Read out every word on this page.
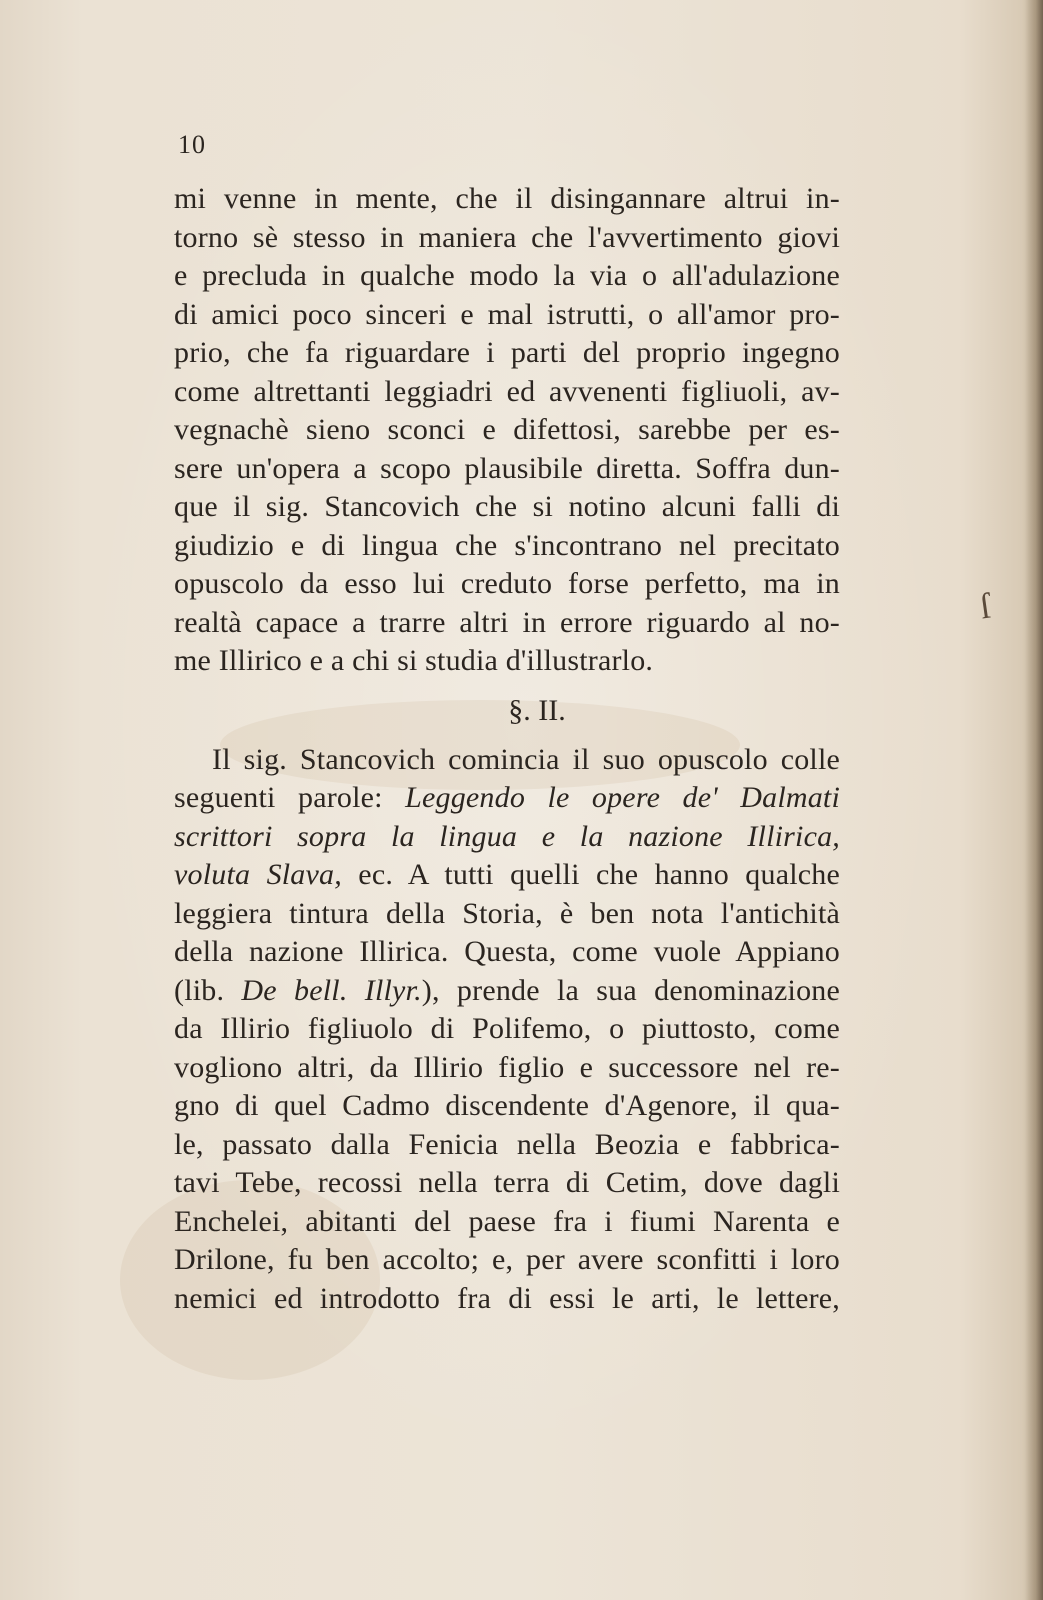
10
mi venne in mente, che il disingannare altrui in-
torno sè stesso in maniera che l'avvertimento giovi
e precluda in qualche modo la via o all'adulazione
di amici poco sinceri e mal istrutti, o all'amor pro-
prio, che fa riguardare i parti del proprio ingegno
come altrettanti leggiadri ed avvenenti figliuoli, av-
vegnachè sieno sconci e difettosi, sarebbe per es-
sere un'opera a scopo plausibile diretta. Soffra dun-
que il sig. Stancovich che si notino alcuni falli di
giudizio e di lingua che s'incontrano nel precitato
opuscolo da esso lui creduto forse perfetto, ma in
realtà capace a trarre altri in errore riguardo al no-
me Illirico e a chi si studia d'illustrarlo.
§. II.
Il sig. Stancovich comincia il suo opuscolo colle
seguenti parole: Leggendo le opere de' Dalmati
scrittori sopra la lingua e la nazione Illirica,
voluta Slava, ec. A tutti quelli che hanno qualche
leggiera tintura della Storia, è ben nota l'antichità
della nazione Illirica. Questa, come vuole Appiano
(lib. De bell. Illyr.), prende la sua denominazione
da Illirio figliuolo di Polifemo, o piuttosto, come
vogliono altri, da Illirio figlio e successore nel re-
gno di quel Cadmo discendente d'Agenore, il qua-
le, passato dalla Fenicia nella Beozia e fabbrica-
tavi Tebe, recossi nella terra di Cetim, dove dagli
Enchelei, abitanti del paese fra i fiumi Narenta e
Drilone, fu ben accolto; e, per avere sconfitti i loro
nemici ed introdotto fra di essi le arti, le lettere,
ſ
